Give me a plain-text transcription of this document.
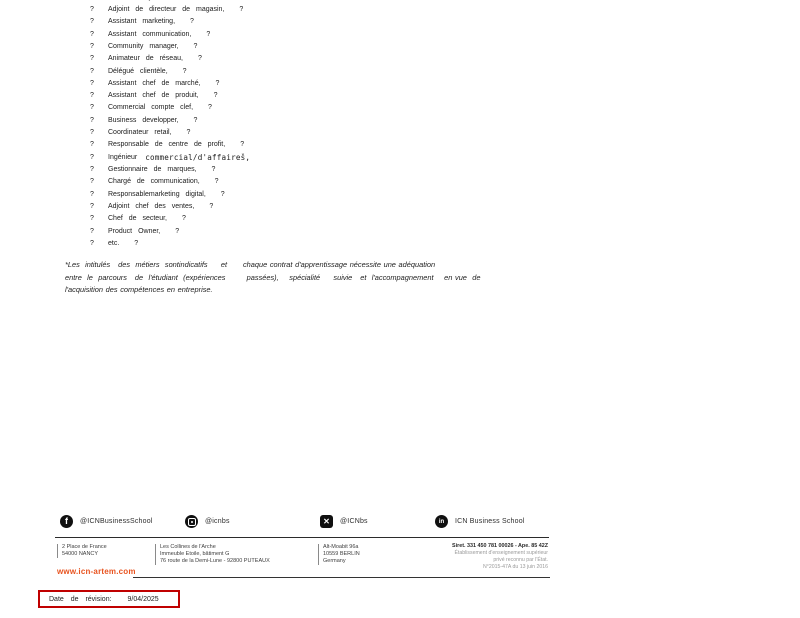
?	Adjoint de directeur de magasin, ?
?	Assistant marketing, ?
?	Assistant communication, ?
?	Community manager, ?
?	Animateur de réseau, ?
?	Délégué clientèle, ?
?	Assistant chef de marché, ?
?	Assistant chef de produit, ?
?	Commercial compte clef, ?
?	Business developper, ?
?	Coordinateur retail, ?
?	Responsable de centre de profit, ?
?	Ingénieur commercial/d'affaireš,
?	Gestionnaire de marques, ?
?	Chargé de communication, ?
?	Responsablemarketing digital, ?
?	Adjoint chef des ventes, ?
?	Chef de secteur, ?
?	Product Owner, ?
?	etc. ?
*Les  intitulés   des  métiers  sontindicatifs     et      chaque contrat d'apprentissage nécessite une adéquation
entre  le  parcours   de  l'étudiant  (expériences        passées),    spécialité     suivie   et  l'accompagnement    en vue  de
l'acquisition des compétences en entreprise.
f	@ICNBusinessSchool	@icnbs	✕	@ICNbs	in	ICN Business School
2 Place de France
54000 NANCY
Les Collines de l'Arche
Immeuble Etoile, bâtiment G
76 route de la Demi-Lune - 92800 PUTEAUX
Alt-Moabit 96a
10559 BERLIN
Germany
Siret. 331 450 781 00026 - Ape. 85 42Z
Établissement d'enseignement supérieur
privé reconnu par l'État.
N°2015-47A du 13 juin 2016
www.icn-artem.com
Date de révision: 9/04/2025
